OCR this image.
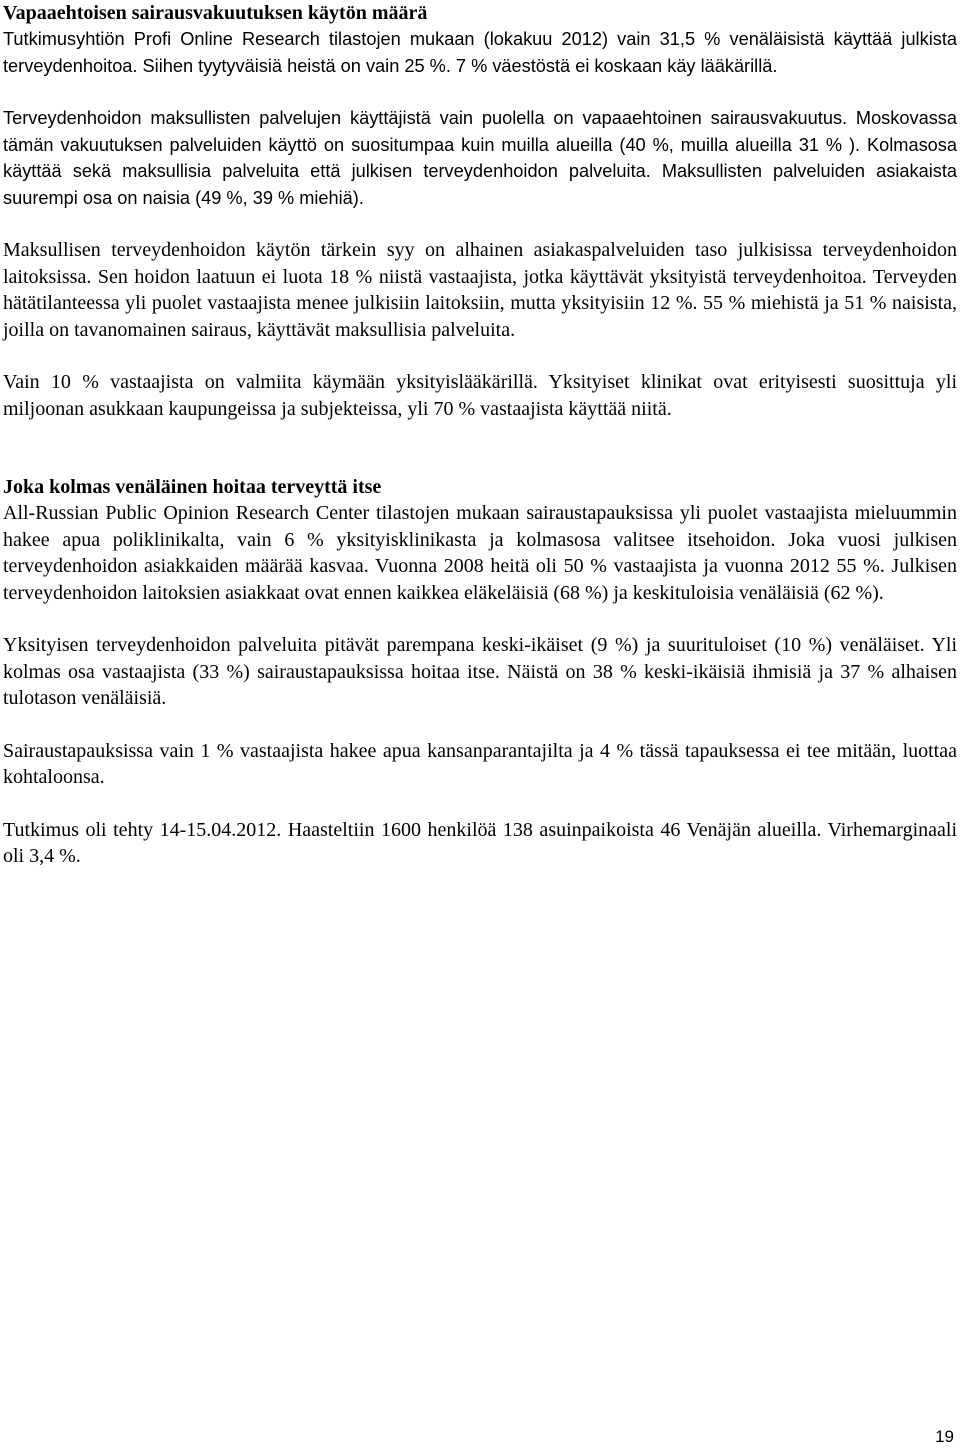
Vapaaehtoisen sairausvakuutuksen käytön määrä

Tutkimusyhtiön Profi Online Research tilastojen mukaan (lokakuu 2012) vain 31,5 % venäläisistä käyttää julkista terveydenhoitoa. Siihen tyytyväisiä heistä on vain 25 %. 7 % väestöstä ei koskaan käy lääkärillä.

Terveydenhoidon maksullisten palvelujen käyttäjistä vain puolella on vapaaehtoinen sairausvakuutus. Moskovassa tämän vakuutuksen palveluiden käyttö on suositumpaa kuin muilla alueilla (40 %, muilla alueilla 31 % ). Kolmasosa käyttää sekä maksullisia palveluita että julkisen terveydenhoidon palveluita. Maksullisten palveluiden asiakaista suurempi osa on naisia (49 %, 39 % miehiä).

Maksullisen terveydenhoidon käytön tärkein syy on alhainen asiakaspalveluiden taso julkisissa terveydenhoidon laitoksissa. Sen hoidon laatuun ei luota 18 % niistä vastaajista, jotka käyttävät yksityistä terveydenhoitoa. Terveyden hätätilanteessa yli puolet vastaajista menee julkisiin laitoksiin, mutta yksityisiin 12 %. 55 % miehistä ja 51 % naisista, joilla on tavanomainen sairaus, käyttävät maksullisia palveluita.

Vain 10 % vastaajista on valmiita käymään yksityislääkärillä. Yksityiset klinikat ovat erityisesti suosittuja yli miljoonan asukkaan kaupungeissa ja subjekteissa, yli 70 % vastaajista käyttää niitä.

Joka kolmas venäläinen hoitaa terveyttä itse

All-Russian Public Opinion Research Center tilastojen mukaan sairaustapauksissa yli puolet vastaajista mieluummin hakee apua poliklinikalta, vain 6 % yksityisklinikasta ja kolmasosa valitsee itsehoidon. Joka vuosi julkisen terveydenhoidon asiakkaiden määrää kasvaa. Vuonna 2008 heitä oli 50 % vastaajista ja vuonna 2012 55 %. Julkisen terveydenhoidon laitoksien asiakkaat ovat ennen kaikkea eläkeläisiä (68 %) ja keskituloisia venäläisiä (62 %).

Yksityisen terveydenhoidon palveluita pitävät parempana keski-ikäiset (9 %) ja suurituloiset (10 %) venäläiset. Yli kolmas osa vastaajista (33 %) sairaustapauksissa hoitaa itse. Näistä on 38 % keski-ikäisiä ihmisiä ja 37 % alhaisen tulotason venäläisiä.

Sairaustapauksissa vain 1 % vastaajista hakee apua kansanparantajilta ja 4 % tässä tapauksessa ei tee mitään, luottaa kohtaloonsa.

Tutkimus oli tehty 14-15.04.2012. Haasteltiin 1600 henkilöä 138 asuinpaikoista 46 Venäjän alueilla. Virhemarginaali oli 3,4 %.

19
